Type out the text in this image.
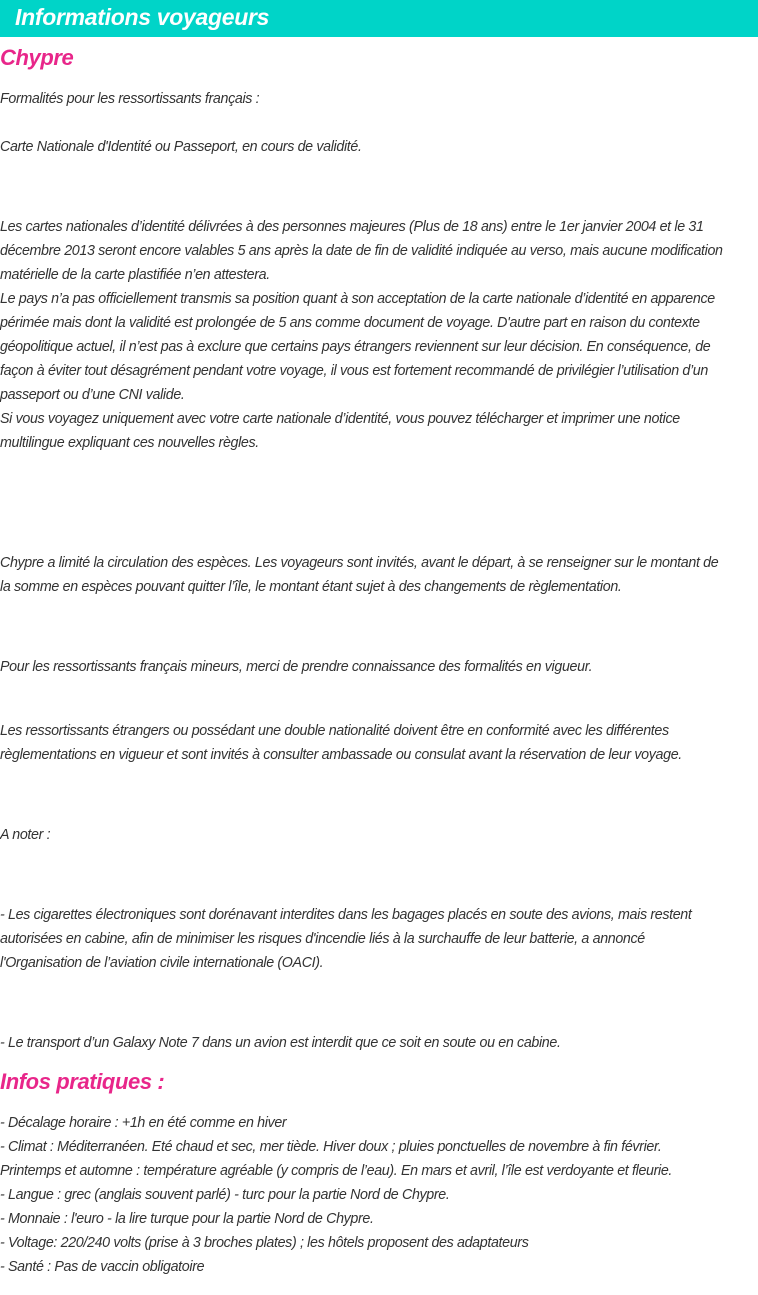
Informations voyageurs
Chypre
Formalités pour les ressortissants français :
Carte Nationale d'Identité ou Passeport, en cours de validité.
Les cartes nationales d’identité délivrées à des personnes majeures (Plus de 18 ans) entre le 1er janvier 2004 et le 31
décembre 2013 seront encore valables 5 ans après la date de fin de validité indiquée au verso, mais aucune modification
matérielle de la carte plastifiée n’en attestera.
Le pays n’a pas officiellement transmis sa position quant à son acceptation de la carte nationale d’identité en apparence
périmée mais dont la validité est prolongée de 5 ans comme document de voyage. D'autre part en raison du contexte
géopolitique actuel, il n’est pas à exclure que certains pays étrangers reviennent sur leur décision. En conséquence, de
façon à éviter tout désagrément pendant votre voyage, il vous est fortement recommandé de privilégier l’utilisation d’un
passeport ou d’une CNI valide.
Si vous voyagez uniquement avec votre carte nationale d’identité, vous pouvez télécharger et imprimer une notice
multilingue expliquant ces nouvelles règles.
Chypre a limité la circulation des espèces. Les voyageurs sont invités, avant le départ, à se renseigner sur le montant de
la somme en espèces pouvant quitter l’île, le montant étant sujet à des changements de règlementation.
Pour les ressortissants français mineurs, merci de prendre connaissance des formalités en vigueur.
Les ressortissants étrangers ou possédant une double nationalité doivent être en conformité avec les différentes
règlementations en vigueur et sont invités à consulter ambassade ou consulat avant la réservation de leur voyage.
A noter :
- Les cigarettes électroniques sont dorénavant interdites dans les bagages placés en soute des avions, mais restent
autorisées en cabine, afin de minimiser les risques d'incendie liés à la surchauffe de leur batterie, a annoncé
l'Organisation de l’aviation civile internationale (OACI).
- Le transport d’un Galaxy Note 7 dans un avion est interdit que ce soit en soute ou en cabine.
Infos pratiques :
- Décalage horaire : +1h en été comme en hiver
- Climat : Méditerranéen. Eté chaud et sec, mer tiède. Hiver doux ; pluies ponctuelles de novembre à fin février.
Printemps et automne : température agréable (y compris de l’eau). En mars et avril, l’île est verdoyante et fleurie.
- Langue : grec (anglais souvent parlé) - turc pour la partie Nord de Chypre.
- Monnaie : l'euro - la lire turque pour la partie Nord de Chypre.
- Voltage: 220/240 volts (prise à 3 broches plates) ; les hôtels proposent des adaptateurs
- Santé : Pas de vaccin obligatoire
